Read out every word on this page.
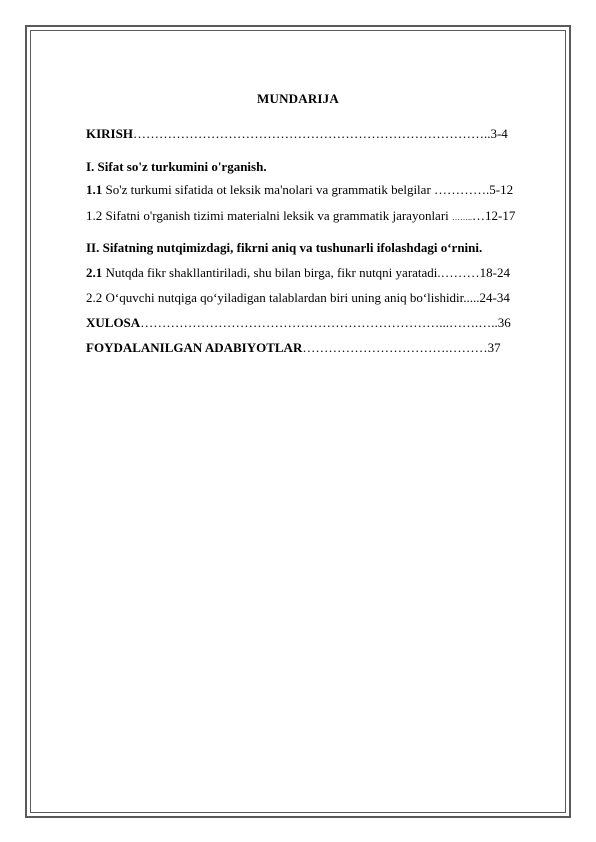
MUNDARIJA
KIRISH………………………………………………………………………..3-4
I. Sifat so'z turkumini o'rganish.
1.1 So'z turkumi sifatida ot leksik ma'nolari va grammatik belgilar ………….5-12
1.2 Sifatni o'rganish tizimi materialni leksik va grammatik jarayonlari ……..…12-17
II. Sifatning nutqimizdagi, fikrni aniq va tushunarli ifolashdagi o‘rnini.
2.1 Nutqda fikr shakllantiriladi, shu bilan birga, fikr nutqni yaratadi.………18-24
2.2 O‘quvchi nutqiga qo‘yiladigan talablardan biri uning aniq bo‘lishidir.....24-34
XULOSA……………………………………………………………...…….…..36
FOYDALANILGAN ADABIYOTLAR…………………………….………37
